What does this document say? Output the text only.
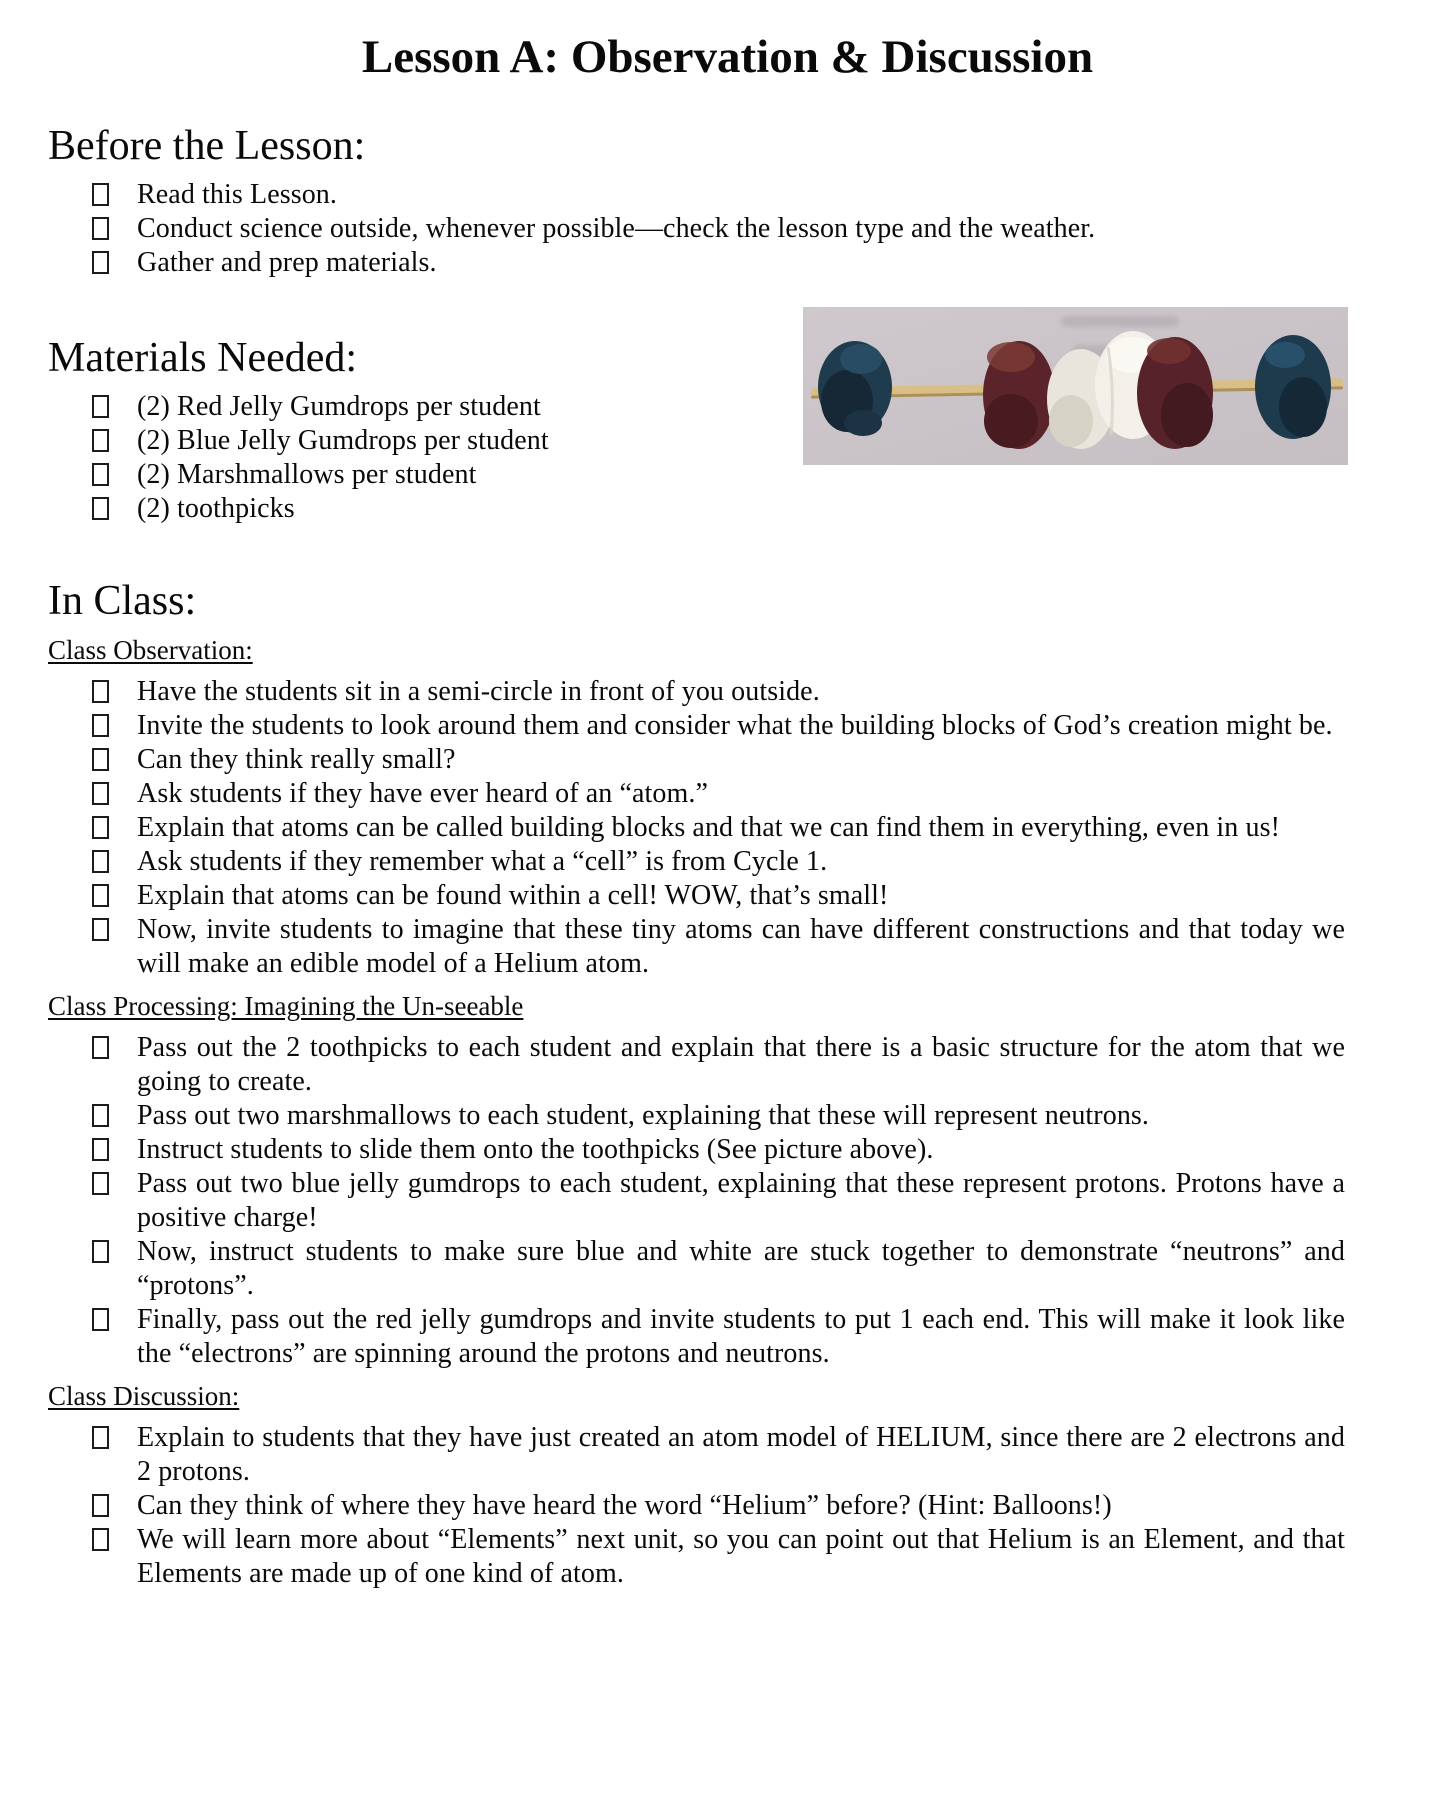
Lesson A: Observation & Discussion
Before the Lesson:
Read this Lesson.
Conduct science outside, whenever possible—check the lesson type and the weather.
Gather and prep materials.
Materials Needed:
(2) Red Jelly Gumdrops per student
(2) Blue Jelly Gumdrops per student
(2) Marshmallows per student
(2) toothpicks
In Class:
Class Observation:
Have the students sit in a semi-circle in front of you outside.
Invite the students to look around them and consider what the building blocks of God’s creation might be.
Can they think really small?
Ask students if they have ever heard of an “atom.”
Explain that atoms can be called building blocks and that we can find them in everything, even in us!
Ask students if they remember what a “cell” is from Cycle 1.
Explain that atoms can be found within a cell! WOW, that’s small!
Now, invite students to imagine that these tiny atoms can have different constructions and that today we will make an edible model of a Helium atom.
Class Processing: Imagining the Un-seeable
Pass out the 2 toothpicks to each student and explain that there is a basic structure for the atom that we going to create.
Pass out two marshmallows to each student, explaining that these will represent neutrons.
Instruct students to slide them onto the toothpicks (See picture above).
Pass out two blue jelly gumdrops to each student, explaining that these represent protons. Protons have a positive charge!
Now, instruct students to make sure blue and white are stuck together to demonstrate “neutrons” and “protons”.
Finally, pass out the red jelly gumdrops and invite students to put 1 each end. This will make it look like the “electrons” are spinning around the protons and neutrons.
Class Discussion:
Explain to students that they have just created an atom model of HELIUM, since there are 2 electrons and 2 protons.
Can they think of where they have heard the word “Helium” before? (Hint: Balloons!)
We will learn more about “Elements” next unit, so you can point out that Helium is an Element, and that Elements are made up of one kind of atom.
